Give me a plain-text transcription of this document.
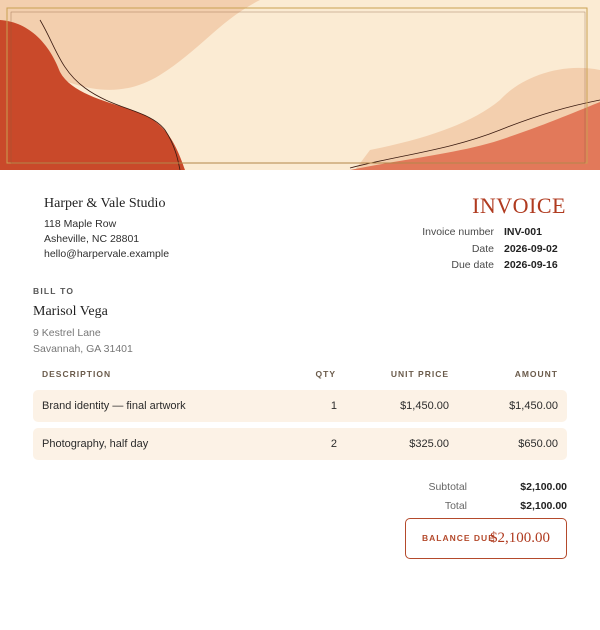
Harper & Vale Studio
118 Maple Row
Asheville, NC 28801
hello@harpervale.example
INVOICE
Invoice number INV-001
Date 2026-09-02
Due date 2026-09-16
BILL TO
Marisol Vega
9 Kestrel Lane
Savannah, GA 31401
DESCRIPTION	QTY	UNIT PRICE	AMOUNT
Brand identity — final artwork	1	$1,450.00	$1,450.00
Photography, half day	2	$325.00	$650.00
Subtotal	$2,100.00
Total	$2,100.00
BALANCE DUE
$2,100.00
